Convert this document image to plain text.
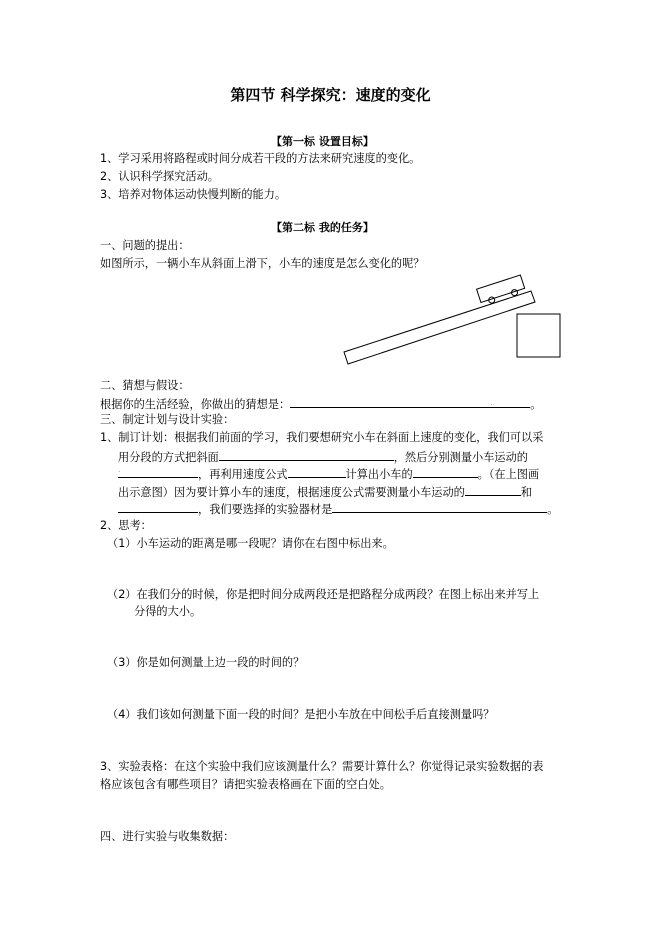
第四节 科学探究：速度的变化
【第一标 设置目标】
1、学习采用将路程或时间分成若干段的方法来研究速度的变化。
2、认识科学探究活动。
3、培养对物体运动快慢判断的能力。
【第二标 我的任务】
一、问题的提出：
如图所示，一辆小车从斜面上滑下，小车的速度是怎么变化的呢？
二、猜想与假设：
根据你的生活经验，你做出的猜想是：	.	。
三、制定计划与设计实验：
1、制订计划：根据我们前面的学习，我们要想研究小车在斜面上速度的变化，我们可以采
用分段的方式把斜面	，然后分别测量小车运动的
.	，再利用速度公式	计算出小车的	。（在上图画
出示意图）因为要计算小车的速度，根据速度公式需要测量小车运动的	和
，我们要选择的实验器材是	。
2、思考：
（1）小车运动的距离是哪一段呢？请你在右图中标出来。
（2）在我们分的时候，你是把时间分成两段还是把路程分成两段？在图上标出来并写上
分得的大小。
（3）你是如何测量上边一段的时间的？
（4）我们该如何测量下面一段的时间？是把小车放在中间松手后直接测量吗？
3、实验表格：在这个实验中我们应该测量什么？需要计算什么？你觉得记录实验数据的表
格应该包含有哪些项目？请把实验表格画在下面的空白处。
四、进行实验与收集数据：
